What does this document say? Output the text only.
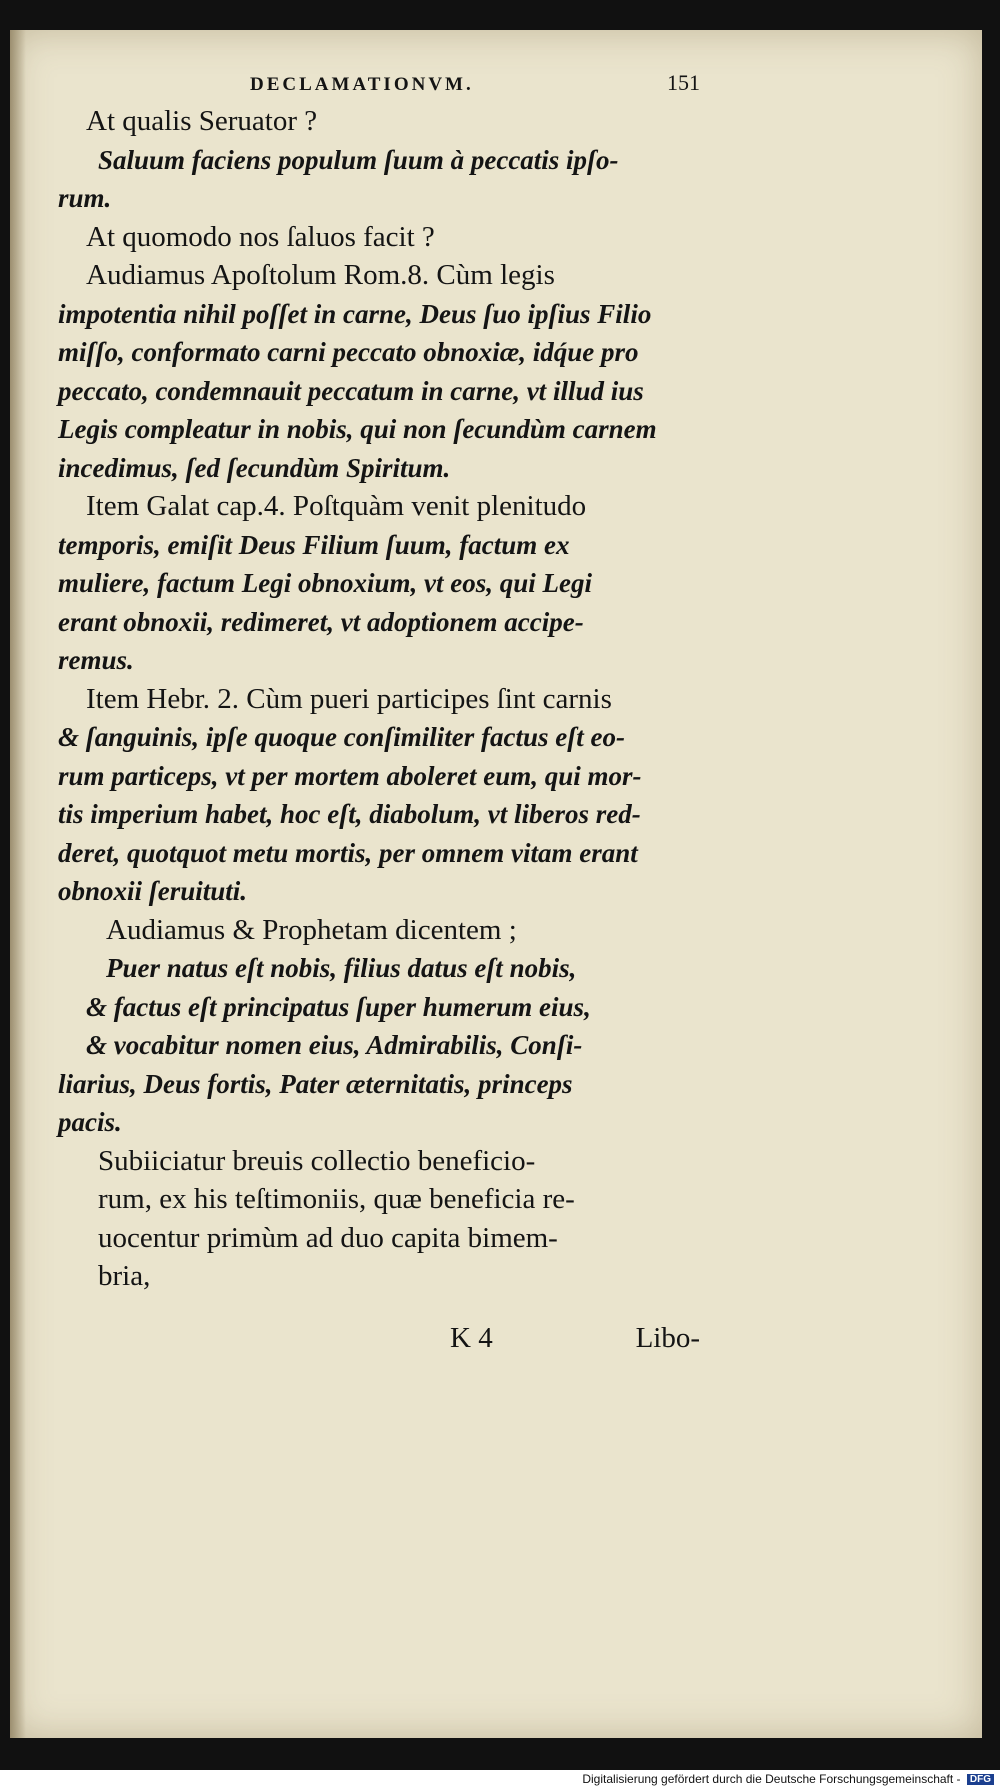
DECLAMATIONVM.	151
At qualis Seruator ?
Saluum faciens populum ſuum à peccatis ipſo-
rum.
At quomodo nos ſaluos facit ?
Audiamus Apoſtolum Rom.8. Cùm legis
impotentia nihil poſſet in carne, Deus ſuo ipſius Filio
miſſo, conformato carni peccato obnoxiæ, idq́ue pro
peccato, condemnauit peccatum in carne, vt illud ius
Legis compleatur in nobis, qui non ſecundùm carnem
incedimus, ſed ſecundùm Spiritum.
Item Galat cap.4. Poſtquàm venit plenitudo
temporis, emiſit Deus Filium ſuum, factum ex
muliere, factum Legi obnoxium, vt eos, qui Legi
erant obnoxii, redimeret, vt adoptionem accipe-
remus.
Item Hebr. 2. Cùm pueri participes ſint carnis
& ſanguinis, ipſe quoque conſimiliter factus eſt eo-
rum particeps, vt per mortem aboleret eum, qui mor-
tis imperium habet, hoc eſt, diabolum, vt liberos red-
deret, quotquot metu mortis, per omnem vitam erant
obnoxii ſeruituti.
Audiamus & Prophetam dicentem ;
Puer natus eſt nobis, filius datus eſt nobis,
& factus eſt principatus ſuper humerum eius,
& vocabitur nomen eius, Admirabilis, Conſi-
liarius, Deus fortis, Pater æternitatis, princeps
pacis.
Subiiciatur breuis collectio beneficio-
rum, ex his teſtimoniis, quæ beneficia re-
uocentur primùm ad duo capita bimem-
bria,
K 4	Libo-
Digitalisierung gefördert durch die Deutsche Forschungsgemeinschaft - DFG
